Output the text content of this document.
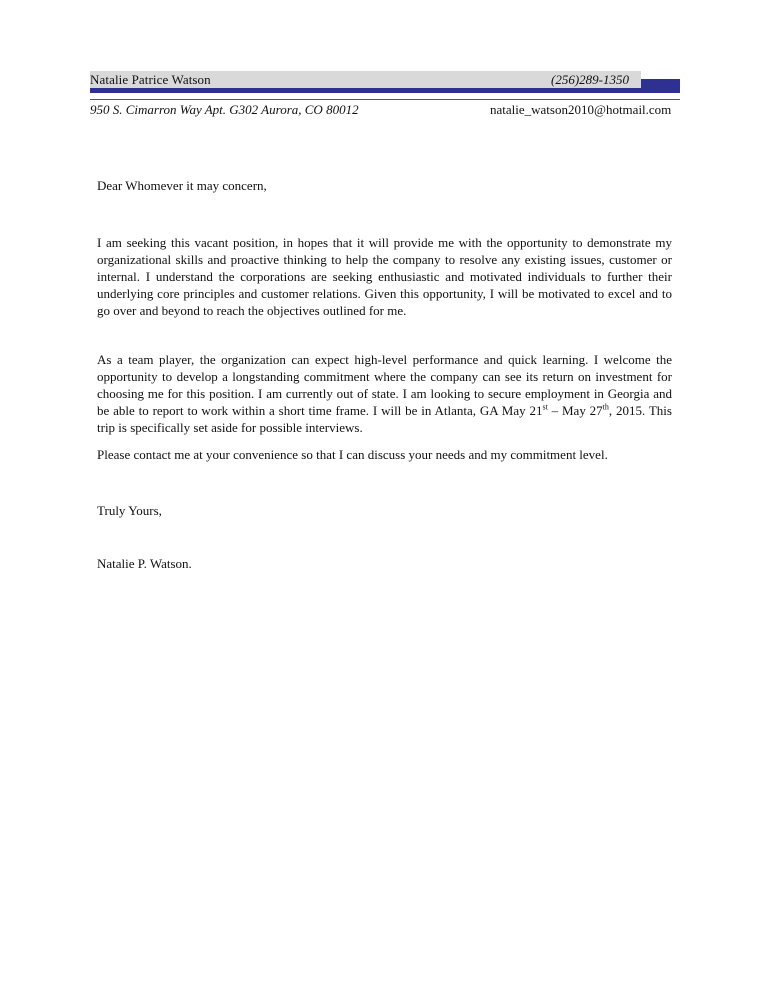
Natalie Patrice Watson	(256)289-1350
950 S. Cimarron Way Apt. G302 Aurora, CO 80012	natalie_watson2010@hotmail.com
Dear Whomever it may concern,

I am seeking this vacant position, in hopes that it will provide me with the opportunity to demonstrate my organizational skills and proactive thinking to help the company to resolve any existing issues, customer or internal. I understand the corporations are seeking enthusiastic and motivated individuals to further their underlying core principles and customer relations. Given this opportunity, I will be motivated to excel and to go over and beyond to reach the objectives outlined for me.

As a team player, the organization can expect high-level performance and quick learning. I welcome the opportunity to develop a longstanding commitment where the company can see its return on investment for choosing me for this position. I am currently out of state. I am looking to secure employment in Georgia and be able to report to work within a short time frame. I will be in Atlanta, GA May 21st – May 27th, 2015. This trip is specifically set aside for possible interviews.

Please contact me at your convenience so that I can discuss your needs and my commitment level.

Truly Yours,
Natalie P. Watson.
